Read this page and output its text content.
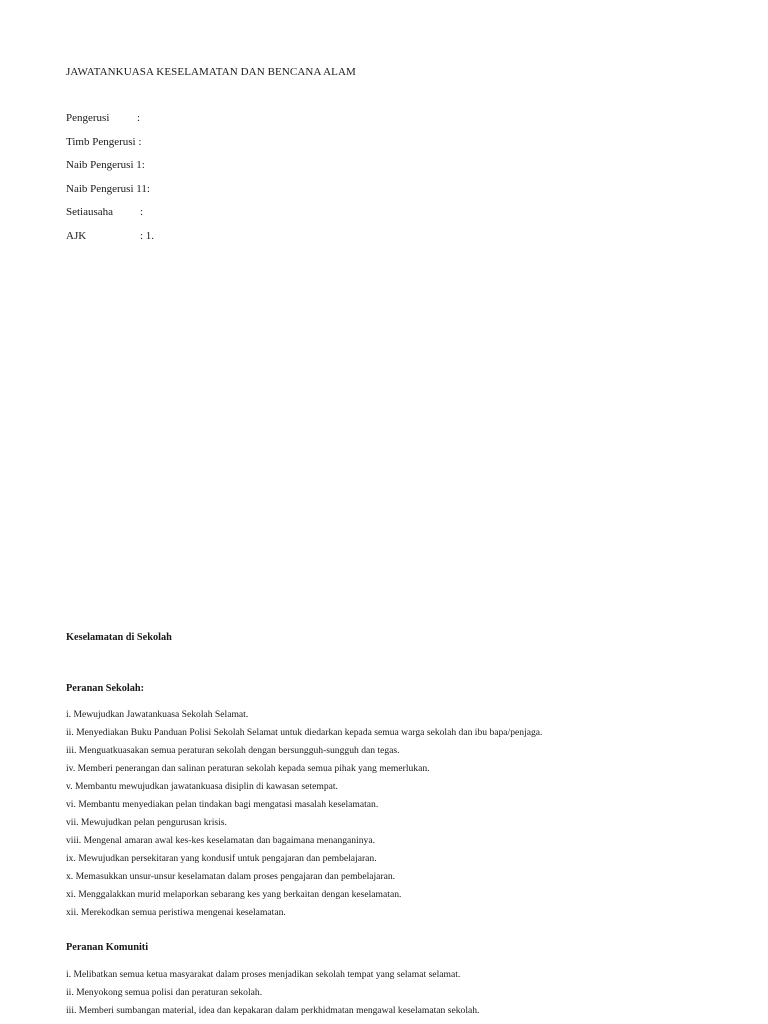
JAWATANKUASA KESELAMATAN DAN BENCANA ALAM
Pengerusi	:
Timb Pengerusi :
Naib Pengerusi 1:
Naib Pengerusi 11:
Setiausaha :
AJK	: 1.
Keselamatan di Sekolah
Peranan Sekolah:
i. Mewujudkan Jawatankuasa Sekolah Selamat.
ii. Menyediakan Buku Panduan Polisi Sekolah Selamat untuk diedarkan kepada semua warga sekolah dan ibu bapa/penjaga.
iii. Menguatkuasakan semua peraturan sekolah dengan bersungguh-sungguh dan tegas.
iv. Memberi penerangan dan salinan peraturan sekolah kepada semua pihak yang memerlukan.
v. Membantu mewujudkan jawatankuasa disiplin di kawasan setempat.
vi. Membantu menyediakan pelan tindakan bagi mengatasi masalah keselamatan.
vii. Mewujudkan pelan pengurusan krisis.
viii. Mengenal amaran awal kes-kes keselamatan dan bagaimana menanganinya.
ix. Mewujudkan persekitaran yang kondusif untuk pengajaran dan pembelajaran.
x. Memasukkan unsur-unsur keselamatan dalam proses pengajaran dan pembelajaran.
xi. Menggalakkan murid melaporkan sebarang kes yang berkaitan dengan keselamatan.
xii. Merekodkan semua peristiwa mengenai keselamatan.
Peranan Komuniti
i. Melibatkan semua ketua masyarakat dalam proses menjadikan sekolah tempat yang selamat selamat.
ii. Menyokong semua polisi dan peraturan sekolah.
iii. Memberi sumbangan material, idea dan kepakaran dalam perkhidmatan mengawal keselamatan sekolah.
